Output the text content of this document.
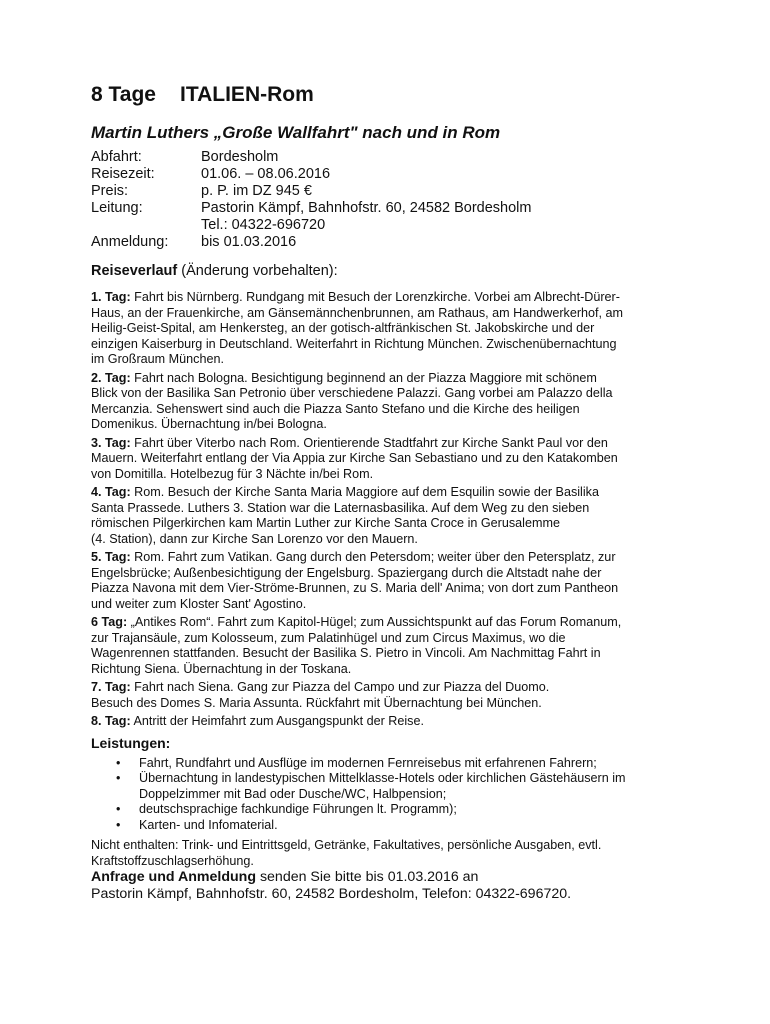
8 Tage ITALIEN-Rom
Martin Luthers „Große Wallfahrt" nach und in Rom
Abfahrt:	Bordesholm
Reisezeit:	01.06. – 08.06.2016
Preis:	p. P. im DZ 945 €
Leitung:	Pastorin Kämpf, Bahnhofstr. 60, 24582 Bordesholm
Tel.: 04322-696720
Anmeldung:	bis 01.03.2016
Reiseverlauf (Änderung vorbehalten):
1. Tag: Fahrt bis Nürnberg. Rundgang mit Besuch der Lorenzkirche. Vorbei am Albrecht-Dürer-
Haus, an der Frauenkirche, am Gänsemännchenbrunnen, am Rathaus, am Handwerkerhof, am
Heilig-Geist-Spital, am Henkersteg, an der gotisch-altfränkischen St. Jakobskirche und der
einzigen Kaiserburg in Deutschland. Weiterfahrt in Richtung München. Zwischenübernachtung
im Großraum München.
2. Tag: Fahrt nach Bologna. Besichtigung beginnend an der Piazza Maggiore mit schönem
Blick von der Basilika San Petronio über verschiedene Palazzi. Gang vorbei am Palazzo della
Mercanzia. Sehenswert sind auch die Piazza Santo Stefano und die Kirche des heiligen
Domenikus. Übernachtung in/bei Bologna.
3. Tag: Fahrt über Viterbo nach Rom. Orientierende Stadtfahrt zur Kirche Sankt Paul vor den
Mauern. Weiterfahrt entlang der Via Appia zur Kirche San Sebastiano und zu den Katakomben
von Domitilla. Hotelbezug für 3 Nächte in/bei Rom.
4. Tag: Rom. Besuch der Kirche Santa Maria Maggiore auf dem Esquilin sowie der Basilika
Santa Prassede. Luthers 3. Station war die Laternasbasilika. Auf dem Weg zu den sieben
römischen Pilgerkirchen kam Martin Luther zur Kirche Santa Croce in Gerusalemme
(4. Station), dann zur Kirche San Lorenzo vor den Mauern.
5. Tag: Rom. Fahrt zum Vatikan. Gang durch den Petersdom; weiter über den Petersplatz, zur
Engelsbrücke; Außenbesichtigung der Engelsburg. Spaziergang durch die Altstadt nahe der
Piazza Navona mit dem Vier-Ströme-Brunnen, zu S. Maria dell' Anima; von dort zum Pantheon
und weiter zum Kloster Sant' Agostino.
6 Tag: „Antikes Rom“. Fahrt zum Kapitol-Hügel; zum Aussichtspunkt auf das Forum Romanum,
zur Trajansäule, zum Kolosseum, zum Palatinhügel und zum Circus Maximus, wo die
Wagenrennen stattfanden. Besucht der Basilika S. Pietro in Vincoli. Am Nachmittag Fahrt in
Richtung Siena. Übernachtung in der Toskana.
7. Tag: Fahrt nach Siena. Gang zur Piazza del Campo und zur Piazza del Duomo.
Besuch des Domes S. Maria Assunta. Rückfahrt mit Übernachtung bei München.
8. Tag: Antritt der Heimfahrt zum Ausgangspunkt der Reise.
Leistungen:
• Fahrt, Rundfahrt und Ausflüge im modernen Fernreisebus mit erfahrenen Fahrern;
• Übernachtung in landestypischen Mittelklasse-Hotels oder kirchlichen Gästehäusern im
Doppelzimmer mit Bad oder Dusche/WC, Halbpension;
• deutschsprachige fachkundige Führungen lt. Programm);
• Karten- und Infomaterial.
Nicht enthalten: Trink- und Eintrittsgeld, Getränke, Fakultatives, persönliche Ausgaben, evtl.
Kraftstoffzuschlagserhöhung.
Anfrage und Anmeldung senden Sie bitte bis 01.03.2016 an
Pastorin Kämpf, Bahnhofstr. 60, 24582 Bordesholm, Telefon: 04322-696720.
